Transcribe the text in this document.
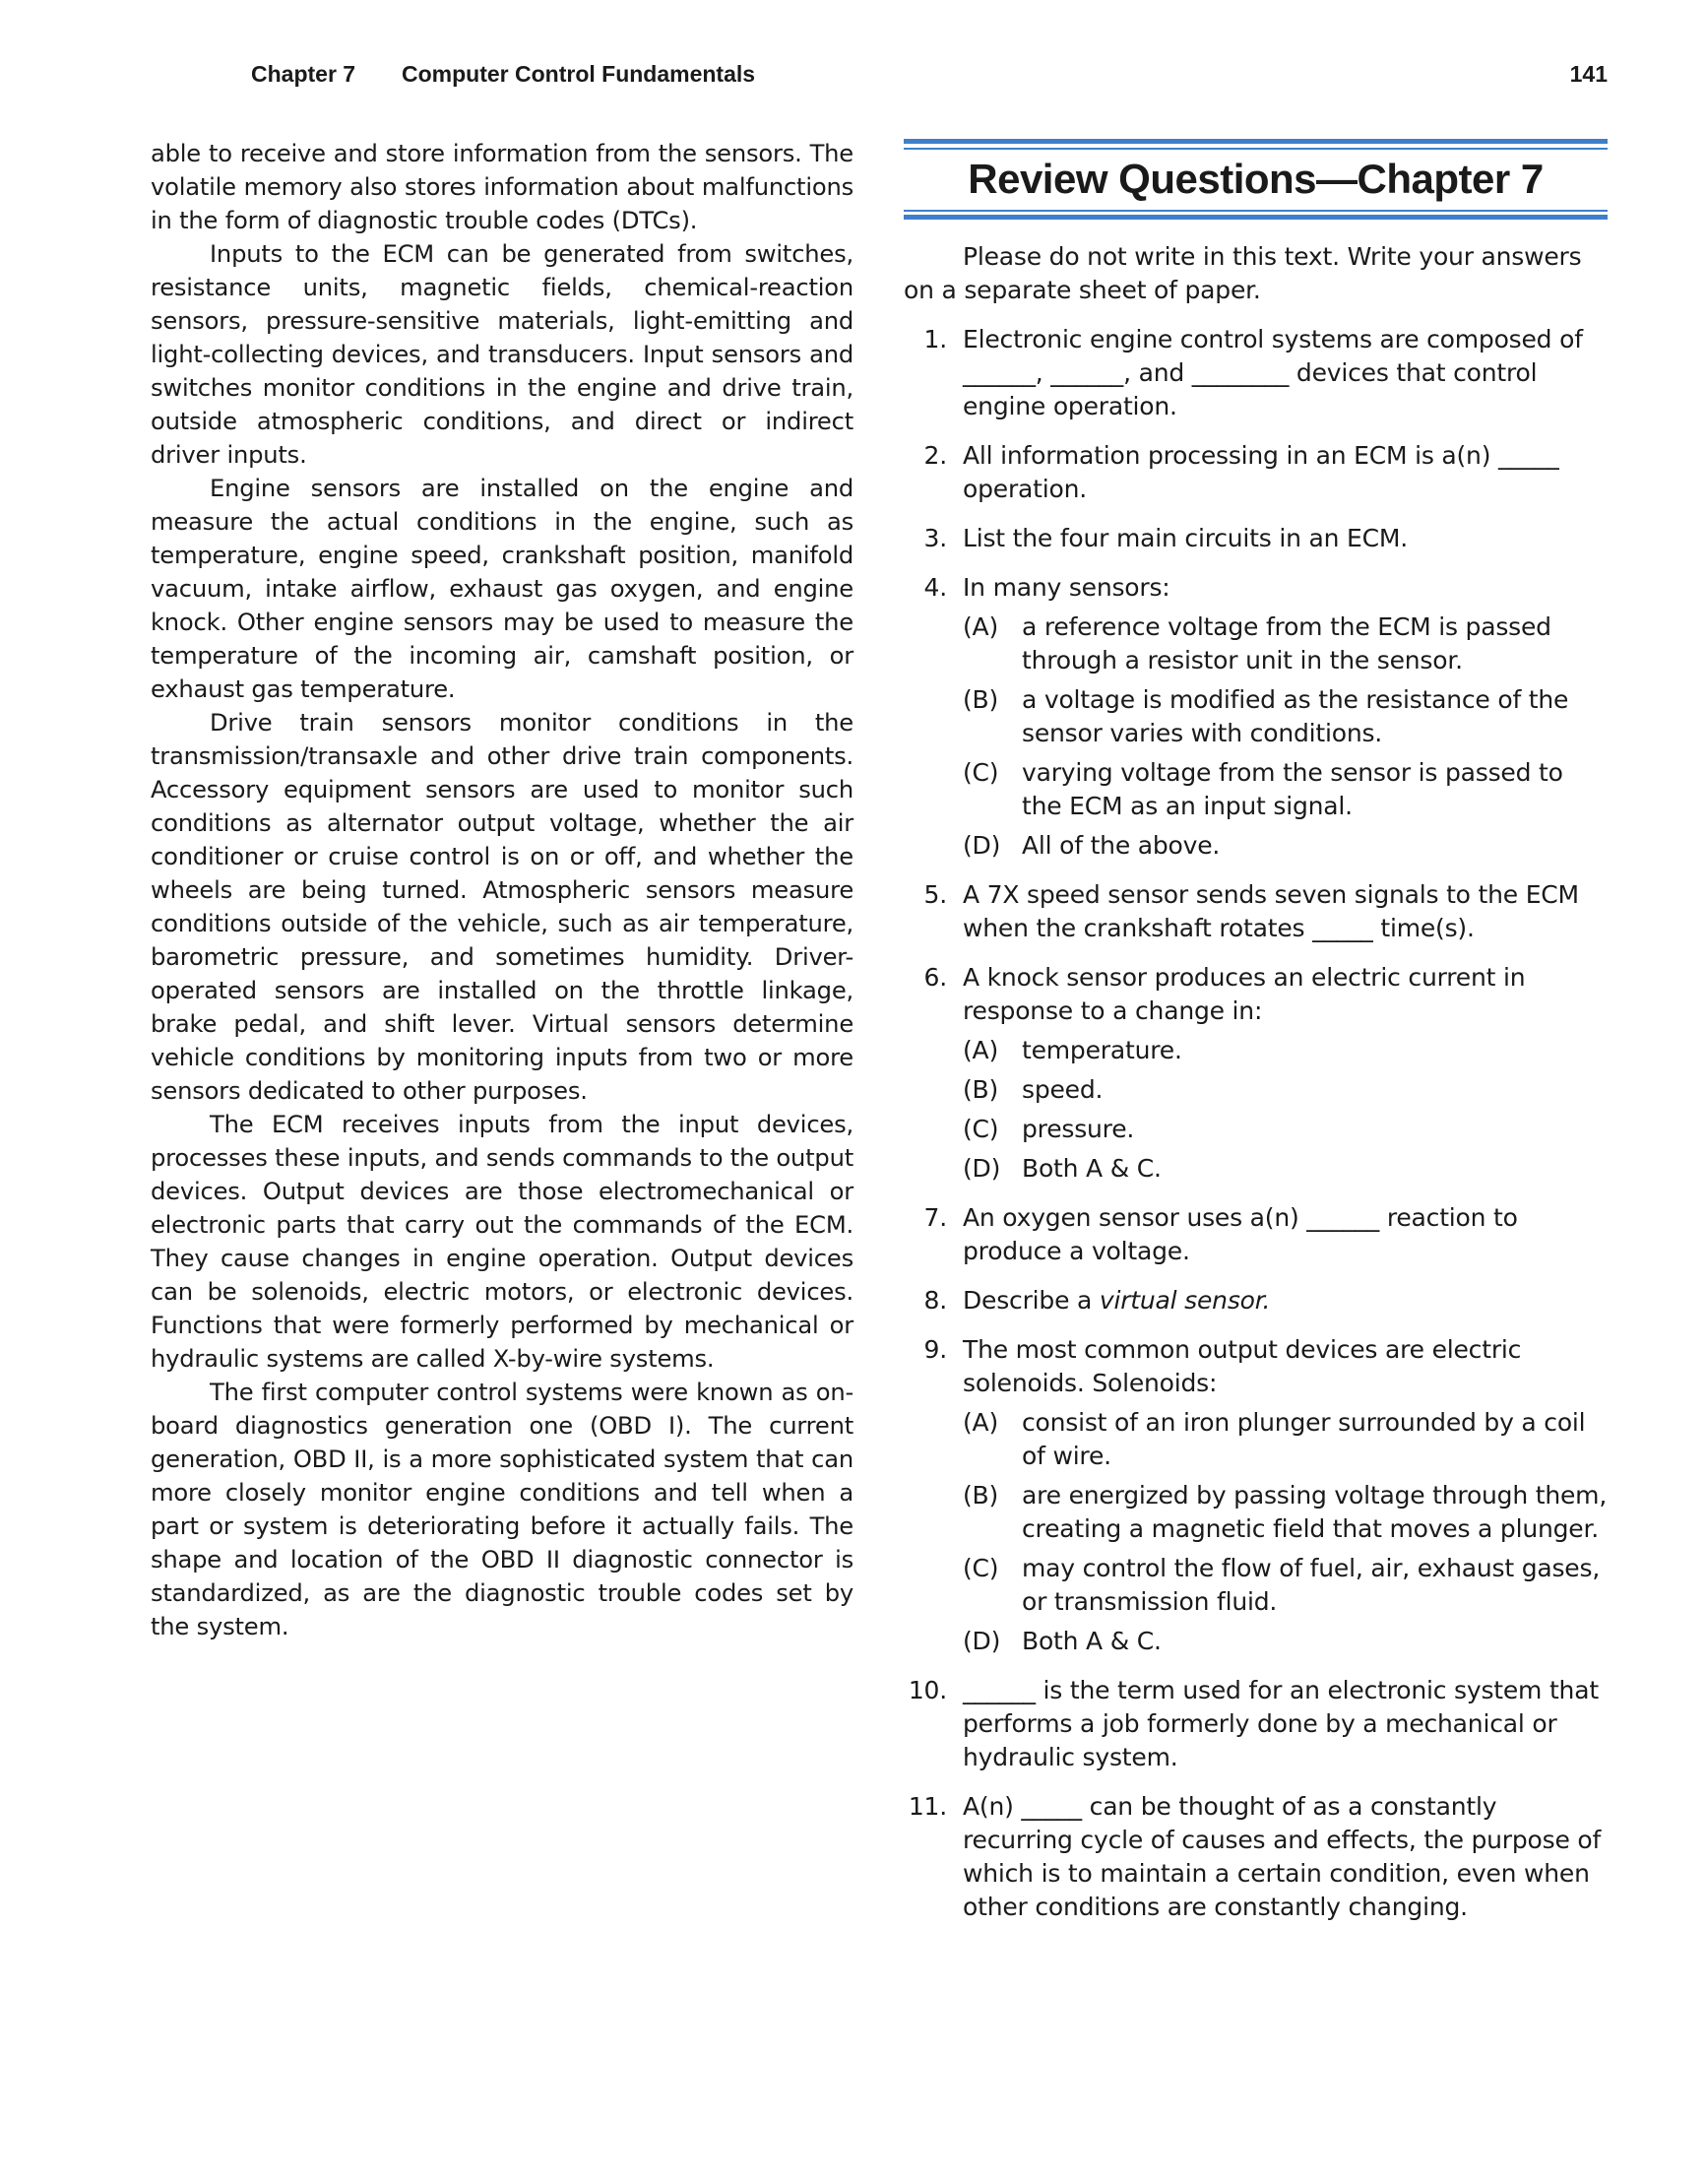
Chapter 7 Computer Control Fundamentals	141

able to receive and store information from the sensors. The volatile memory also stores information about malfunctions in the form of diagnostic trouble codes (DTCs).

Inputs to the ECM can be generated from switches, resistance units, magnetic fields, chemical-reaction sensors, pressure-sensitive materials, light-emitting and light-collecting devices, and transducers. Input sensors and switches monitor conditions in the engine and drive train, outside atmospheric conditions, and direct or indirect driver inputs.

Engine sensors are installed on the engine and measure the actual conditions in the engine, such as temperature, engine speed, crankshaft position, manifold vacuum, intake airflow, exhaust gas oxygen, and engine knock. Other engine sensors may be used to measure the temperature of the incoming air, camshaft position, or exhaust gas temperature.

Drive train sensors monitor conditions in the transmission/transaxle and other drive train components. Accessory equipment sensors are used to monitor such conditions as alternator output voltage, whether the air conditioner or cruise control is on or off, and whether the wheels are being turned. Atmospheric sensors measure conditions outside of the vehicle, such as air temperature, barometric pressure, and sometimes humidity. Driver-operated sensors are installed on the throttle linkage, brake pedal, and shift lever. Virtual sensors determine vehicle conditions by monitoring inputs from two or more sensors dedicated to other purposes.

The ECM receives inputs from the input devices, processes these inputs, and sends commands to the output devices. Output devices are those electromechanical or electronic parts that carry out the commands of the ECM. They cause changes in engine operation. Output devices can be solenoids, electric motors, or electronic devices. Functions that were formerly performed by mechanical or hydraulic systems are called X-by-wire systems.

The first computer control systems were known as on-board diagnostics generation one (OBD I). The current generation, OBD II, is a more sophisticated system that can more closely monitor engine conditions and tell when a part or system is deteriorating before it actually fails. The shape and location of the OBD II diagnostic connector is standardized, as are the diagnostic trouble codes set by the system.

Review Questions—Chapter 7

Please do not write in this text. Write your answers on a separate sheet of paper.

1. Electronic engine control systems are composed of ______, ______, and ________ devices that control engine operation.
2. All information processing in an ECM is a(n) _____ operation.
3. List the four main circuits in an ECM.
4. In many sensors:
(A) a reference voltage from the ECM is passed through a resistor unit in the sensor.
(B) a voltage is modified as the resistance of the sensor varies with conditions.
(C) varying voltage from the sensor is passed to the ECM as an input signal.
(D) All of the above.
5. A 7X speed sensor sends seven signals to the ECM when the crankshaft rotates _____ time(s).
6. A knock sensor produces an electric current in response to a change in:
(A) temperature.
(B) speed.
(C) pressure.
(D) Both A & C.
7. An oxygen sensor uses a(n) ______ reaction to produce a voltage.
8. Describe a virtual sensor.
9. The most common output devices are electric solenoids. Solenoids:
(A) consist of an iron plunger surrounded by a coil of wire.
(B) are energized by passing voltage through them, creating a magnetic field that moves a plunger.
(C) may control the flow of fuel, air, exhaust gases, or transmission fluid.
(D) Both A & C.
10. ______ is the term used for an electronic system that performs a job formerly done by a mechanical or hydraulic system.
11. A(n) _____ can be thought of as a constantly recurring cycle of causes and effects, the purpose of which is to maintain a certain condition, even when other conditions are constantly changing.
